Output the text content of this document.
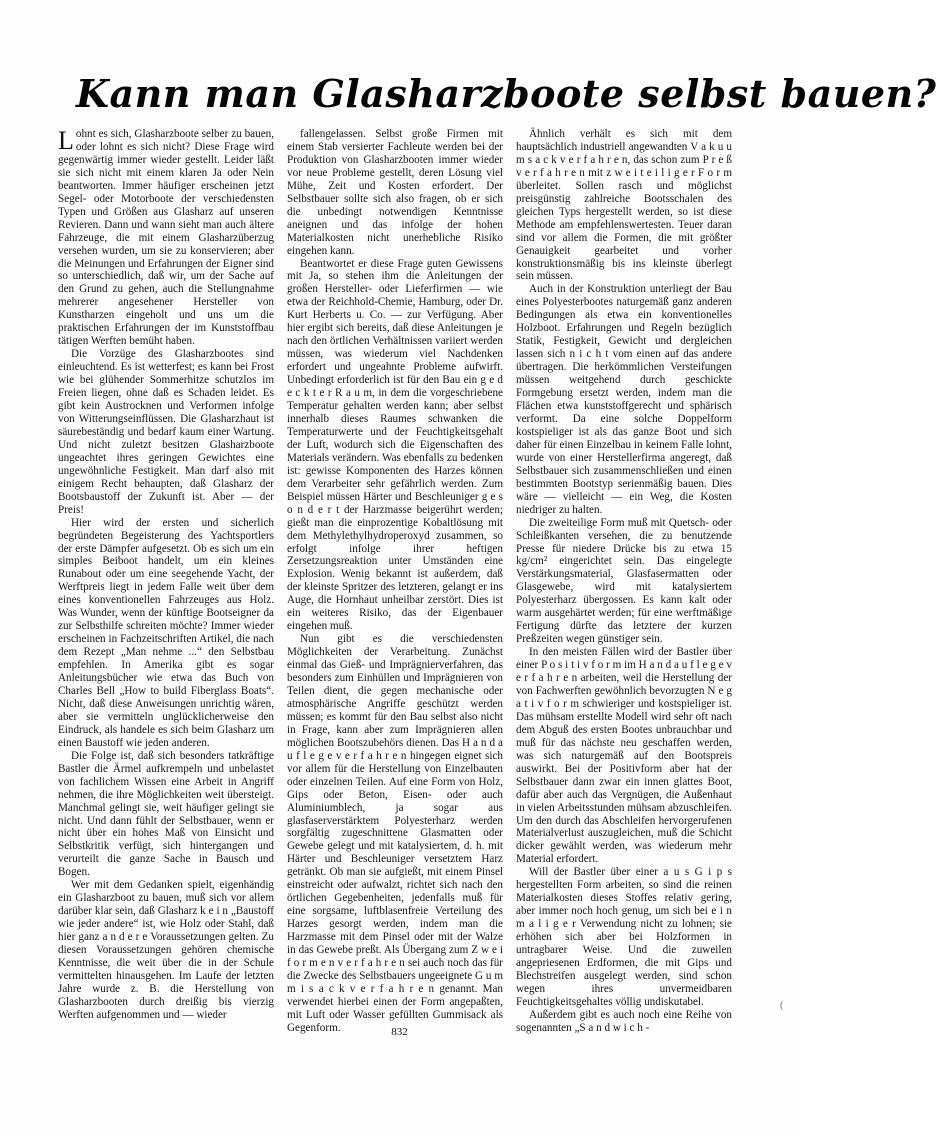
Kann man Glasharzboote selbst bauen?

Lohnt es sich, Glasharzboote selber zu bauen, oder lohnt es sich nicht? Diese Frage wird gegenwärtig immer wieder gestellt. Leider läßt sie sich nicht mit einem klaren Ja oder Nein beantworten. Immer häufiger erscheinen jetzt Segel- oder Motorboote der verschiedensten Typen und Größen aus Glasharz auf unseren Revieren. Dann und wann sieht man auch ältere Fahrzeuge, die mit einem Glasharzüberzug versehen wurden, um sie zu konservieren; aber die Meinungen und Erfahrungen der Eigner sind so unterschiedlich, daß wir, um der Sache auf den Grund zu gehen, auch die Stellungnahme mehrerer angesehener Hersteller von Kunstharzen eingeholt und uns um die praktischen Erfahrungen der im Kunststoffbau tätigen Werften bemüht haben.

Die Vorzüge des Glasharzbootes sind einleuchtend. Es ist wetterfest; es kann bei Frost wie bei glühender Sommerhitze schutzlos im Freien liegen, ohne daß es Schaden leidet. Es gibt kein Austrocknen und Verformen infolge von Witterungseinflüssen. Die Glasharzhaut ist säurebeständig und bedarf kaum einer Wartung. Und nicht zuletzt besitzen Glasharzboote ungeachtet ihres geringen Gewichtes eine ungewöhnliche Festigkeit. Man darf also mit einigem Recht behaupten, daß Glasharz der Bootsbaustoff der Zukunft ist. Aber — der Preis!

Hier wird der ersten und sicherlich begründeten Begeisterung des Yachtsportlers der erste Dämpfer aufgesetzt. Ob es sich um ein simples Beiboot handelt, um ein kleines Runabout oder um eine seegehende Yacht, der Werftpreis liegt in jedem Falle weit über dem eines konventionellen Fahrzeuges aus Holz. Was Wunder, wenn der künftige Bootseigner da zur Selbsthilfe schreiten möchte? Immer wieder erscheinen in Fachzeitschriften Artikel, die nach dem Rezept „Man nehme ...“ den Selbstbau empfehlen. In Amerika gibt es sogar Anleitungsbücher wie etwa das Buch von Charles Bell „How to build Fiberglass Boats“. Nicht, daß diese Anweisungen unrichtig wären, aber sie vermitteln unglücklicherweise den Eindruck, als handele es sich beim Glasharz um einen Baustoff wie jeden anderen.

Die Folge ist, daß sich besonders tatkräftige Bastler die Ärmel aufkrempeln und unbelastet von fachlichem Wissen eine Arbeit in Angriff nehmen, die ihre Möglichkeiten weit übersteigt. Manchmal gelingt sie, weit häufiger gelingt sie nicht. Und dann fühlt der Selbstbauer, wenn er nicht über ein hohes Maß von Einsicht und Selbstkritik verfügt, sich hintergangen und verurteilt die ganze Sache in Bausch und Bogen.

Wer mit dem Gedanken spielt, eigenhändig ein Glasharzboot zu bauen, muß sich vor allem darüber klar sein, daß Glasharz k e i n „Baustoff wie jeder andere“ ist, wie Holz oder Stahl, daß hier ganz a n d e r e Voraussetzungen gelten. Zu diesen Voraussetzungen gehören chemische Kenntnisse, die weit über die in der Schule vermittelten hinausgehen. Im Laufe der letzten Jahre wurde z. B. die Herstellung von Glasharzbooten durch dreißig bis vierzig Werften aufgenommen und — wieder

fallengelassen. Selbst große Firmen mit einem Stab versierter Fachleute werden bei der Produktion von Glasharzbooten immer wieder vor neue Probleme gestellt, deren Lösung viel Mühe, Zeit und Kosten erfordert. Der Selbstbauer sollte sich also fragen, ob er sich die unbedingt notwendigen Kenntnisse aneignen und das infolge der hohen Materialkosten nicht unerhebliche Risiko eingehen kann.

Beantwortet er diese Frage guten Gewissens mit Ja, so stehen ihm die Anleitungen der großen Hersteller- oder Lieferfirmen — wie etwa der Reichhold-Chemie, Hamburg, oder Dr. Kurt Herberts u. Co. — zur Verfügung. Aber hier ergibt sich bereits, daß diese Anleitungen je nach den örtlichen Verhältnissen variiert werden müssen, was wiederum viel Nachdenken erfordert und ungeahnte Probleme aufwirft. Unbedingt erforderlich ist für den Bau ein g e d e c k t e r R a u m, in dem die vorgeschriebene Temperatur gehalten werden kann; aber selbst innerhalb dieses Raumes schwanken die Temperaturwerte und der Feuchtigkeitsgehalt der Luft, wodurch sich die Eigenschaften des Materials verändern. Was ebenfalls zu bedenken ist: gewisse Komponenten des Harzes können dem Verarbeiter sehr gefährlich werden. Zum Beispiel müssen Härter und Beschleuniger g e s o n d e r t der Harzmasse beigerührt werden; gießt man die einprozentige Kobaltlösung mit dem Methylethylhydroperoxyd zusammen, so erfolgt infolge ihrer heftigen Zersetzungsreaktion unter Umständen eine Explosion. Wenig bekannt ist außerdem, daß der kleinste Spritzer des letzteren, gelangt er ins Auge, die Hornhaut unheilbar zerstört. Dies ist ein weiteres Risiko, das der Eigenbauer eingehen muß.

Nun gibt es die verschiedensten Möglichkeiten der Verarbeitung. Zunächst einmal das Gieß- und Imprägnierverfahren, das besonders zum Einhüllen und Imprägnieren von Teilen dient, die gegen mechanische oder atmosphärische Angriffe geschützt werden müssen; es kommt für den Bau selbst also nicht in Frage, kann aber zum Imprägnieren allen möglichen Bootszubehörs dienen. Das H a n d a u f l e g e v e r f a h r e n hingegen eignet sich vor allem für die Herstellung von Einzelbauten oder einzelnen Teilen. Auf eine Form von Holz, Gips oder Beton, Eisen- oder auch Aluminiumblech, ja sogar aus glasfaserverstärktem Polyesterharz werden sorgfältig zugeschnittene Glasmatten oder Gewebe gelegt und mit katalysiertem, d. h. mit Härter und Beschleuniger versetztem Harz getränkt. Ob man sie aufgießt, mit einem Pinsel einstreicht oder aufwalzt, richtet sich nach den örtlichen Gegebenheiten, jedenfalls muß für eine sorgsame, luftblasenfreie Verteilung des Harzes gesorgt werden, indem man die Harzmasse mit dem Pinsel oder mit der Walze in das Gewebe preßt. Als Übergang zum Z w e i f o r m e n v e r f a h r e n sei auch noch das für die Zwecke des Selbstbauers ungeeignete G u m m i s a c k v e r f a h r e n genannt. Man verwendet hierbei einen der Form angepaßten, mit Luft oder Wasser gefüllten Gummisack als Gegenform.

Ähnlich verhält es sich mit dem hauptsächlich industriell angewandten V a k u u m s a c k v e r f a h r e n, das schon zum P r e ß v e r f a h r e n mit z w e i t e i l i g e r F o r m überleitet. Sollen rasch und möglichst preisgünstig zahlreiche Bootsschalen des gleichen Typs hergestellt werden, so ist diese Methode am empfehlenswertesten. Teuer daran sind vor allem die Formen, die mit größter Genauigkeit gearbeitet und vorher konstruktionsmäßig bis ins kleinste überlegt sein müssen.

Auch in der Konstruktion unterliegt der Bau eines Polyesterbootes naturgemäß ganz anderen Bedingungen als etwa ein konventionelles Holzboot. Erfahrungen und Regeln bezüglich Statik, Festigkeit, Gewicht und dergleichen lassen sich n i c h t vom einen auf das andere übertragen. Die herkömmlichen Versteifungen müssen weitgehend durch geschickte Formgebung ersetzt werden, indem man die Flächen etwa kunststoffgerecht und sphärisch verformt. Da eine solche Doppelform kostspieliger ist als das ganze Boot und sich daher für einen Einzelbau in keinem Falle lohnt, wurde von einer Herstellerfirma angeregt, daß Selbstbauer sich zusammenschließen und einen bestimmten Bootstyp serienmäßig bauen. Dies wäre — vielleicht — ein Weg, die Kosten niedriger zu halten.

Die zweiteilige Form muß mit Quetsch- oder Schleißkanten versehen, die zu benutzende Presse für niedere Drücke bis zu etwa 15 kg/cm² eingerichtet sein. Das eingelegte Verstärkungsmaterial, Glasfasermatten oder Glasgewebe, wird mit katalysiertem Polyesterharz übergossen. Es kann kalt oder warm ausgehärtet werden; für eine werftmäßige Fertigung dürfte das letztere der kurzen Preßzeiten wegen günstiger sein.

In den meisten Fällen wird der Bastler über einer P o s i t i v f o r m im H a n d a u f l e g e v e r f a h r e n arbeiten, weil die Herstellung der von Fachwerften gewöhnlich bevorzugten N e g a t i v f o r m schwieriger und kostspieliger ist. Das mühsam erstellte Modell wird sehr oft nach dem Abguß des ersten Bootes unbrauchbar und muß für das nächste neu geschaffen werden, was sich naturgemäß auf den Bootspreis auswirkt. Bei der Positivform aber hat der Selbstbauer dann zwar ein innen glattes Boot, dafür aber auch das Vergnügen, die Außenhaut in vielen Arbeitsstunden mühsam abzuschleifen. Um den durch das Abschleifen hervorgerufenen Materialverlust auszugleichen, muß die Schicht dicker gewählt werden, was wiederum mehr Material erfordert.

Will der Bastler über einer a u s G i p s hergestellten Form arbeiten, so sind die reinen Materialkosten dieses Stoffes relativ gering, aber immer noch hoch genug, um sich bei e i n m a l i g e r Verwendung nicht zu lohnen; sie erhöhen sich aber bei Holzformen in untragbarer Weise. Und die zuweilen angepriesenen Erdformen, die mit Gips und Blechstreifen ausgelegt werden, sind schon wegen ihres unvermeidbaren Feuchtigkeitsgehaltes völlig undiskutabel.

Außerdem gibt es auch noch eine Reihe von sogenannten „S a n d w i c h -

832
(
